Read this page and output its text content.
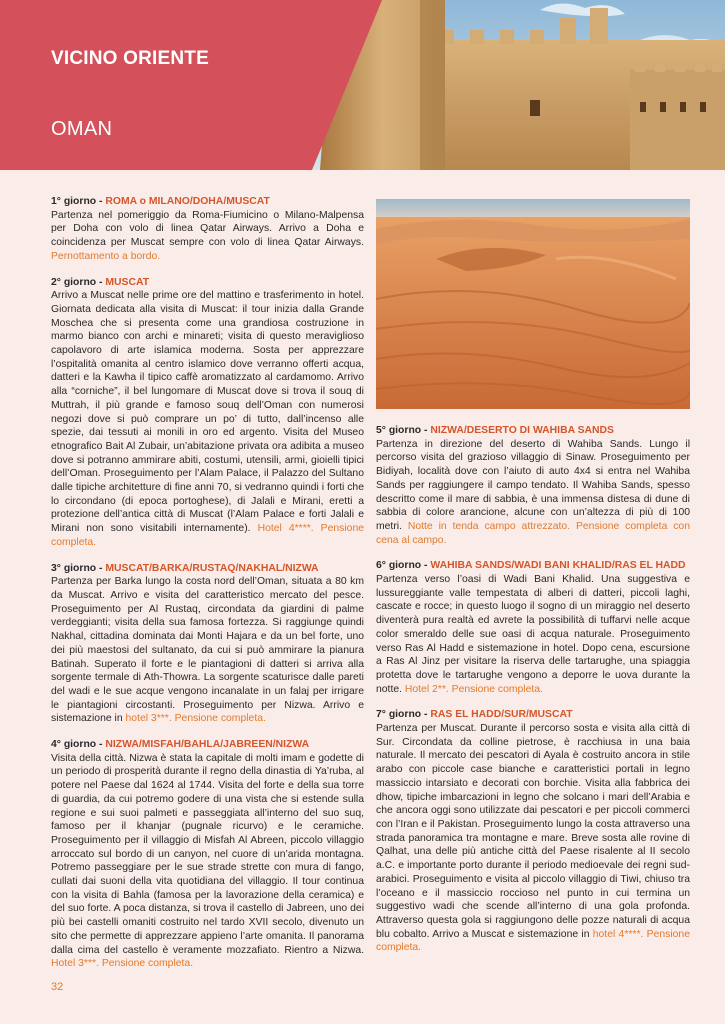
VICINO ORIENTE
OMAN

1° giorno - ROMA o MILANO/DOHA/MUSCAT
Partenza nel pomeriggio da Roma-Fiumicino o Milano-Malpensa per Doha con volo di linea Qatar Airways. Arrivo a Doha e coincidenza per Muscat sempre con volo di linea Qatar Airways. Pernottamento a bordo.

2° giorno - MUSCAT
Arrivo a Muscat nelle prime ore del mattino e trasferimento in hotel. Giornata dedicata alla visita di Muscat: il tour inizia dalla Grande Moschea che si presenta come una grandiosa costruzione in marmo bianco con archi e minareti; visita di questo meraviglioso capolavoro di arte islamica moderna. Sosta per apprezzare l’ospitalità omanita al centro islamico dove verranno offerti acqua, datteri e la Kawha il tipico caffè aromatizzato al cardamomo. Arrivo alla “corniche”, il bel lungomare di Muscat dove si trova il souq di Muttrah, il più grande e famoso souq dell’Oman con numerosi negozi dove si può comprare un po’ di tutto, dall’incenso alle spezie, dai tessuti ai monili in oro ed argento. Visita del Museo etnografico Bait Al Zubair, un’abitazione privata ora adibita a museo dove si potranno ammirare abiti, costumi, utensili, armi, gioielli tipici dell’Oman. Proseguimento per l’Alam Palace, il Palazzo del Sultano dalle tipiche architetture di fine anni 70, si vedranno quindi i forti che lo circondano (di epoca portoghese), di Jalali e Mirani, eretti a protezione dell’antica città di Muscat (l’Alam Palace e forti Jalali e Mirani non sono visitabili internamente). Hotel 4****. Pensione completa.

3° giorno - MUSCAT/BARKA/RUSTAQ/NAKHAL/NIZWA
Partenza per Barka lungo la costa nord dell’Oman, situata a 80 km da Muscat. Arrivo e visita del caratteristico mercato del pesce. Proseguimento per Al Rustaq, circondata da giardini di palme verdeggianti; visita della sua famosa fortezza. Si raggiunge quindi Nakhal, cittadina dominata dai Monti Hajara e da un bel forte, uno dei più maestosi del sultanato, da cui si può ammirare la pianura Batinah. Superato il forte e le piantagioni di datteri si arriva alla sorgente termale di Ath-Thowra. La sorgente scaturisce dalle pareti del wadi e le sue acque vengono incanalate in un falaj per irrigare le piantagioni circostanti. Proseguimento per Nizwa. Arrivo e sistemazione in hotel 3***. Pensione completa.

4° giorno - NIZWA/MISFAH/BAHLA/JABREEN/NIZWA
Visita della città. Nizwa è stata la capitale di molti imam e godette di un periodo di prosperità durante il regno della dinastia di Ya’ruba, al potere nel Paese dal 1624 al 1744. Visita del forte e della sua torre di guardia, da cui potremo godere di una vista che si estende sulla regione e sui suoi palmeti e passeggiata all’interno del suo suq, famoso per il khanjar (pugnale ricurvo) e le ceramiche. Proseguimento per il villaggio di Misfah Al Abreen, piccolo villaggio arroccato sul bordo di un canyon, nel cuore di un’arida montagna. Potremo passeggiare per le sue strade strette con mura di fango, cullati dai suoni della vita quotidiana del villaggio. Il tour continua con la visita di Bahla (famosa per la lavorazione della ceramica) e del suo forte. A poca distanza, si trova il castello di Jabreen, uno dei più bei castelli omaniti costruito nel tardo XVII secolo, divenuto un sito che permette di apprezzare appieno l’arte omanita. Il panorama dalla cima del castello è veramente mozzafiato. Rientro a Nizwa. Hotel 3***. Pensione completa.

5° giorno - NIZWA/DESERTO DI WAHIBA SANDS
Partenza in direzione del deserto di Wahiba Sands. Lungo il percorso visita del grazioso villaggio di Sinaw. Proseguimento per Bidiyah, località dove con l’aiuto di auto 4x4 si entra nel Wahiba Sands per raggiungere il campo tendato. Il Wahiba Sands, spesso descritto come il mare di sabbia, è una immensa distesa di dune di sabbia di colore arancione, alcune con un’altezza di più di 100 metri. Notte in tenda campo attrezzato. Pensione completa con cena al campo.

6° giorno - WAHIBA SANDS/WADI BANI KHALID/RAS EL HADD
Partenza verso l’oasi di Wadi Bani Khalid. Una suggestiva e lussureggiante valle tempestata di alberi di datteri, piccoli laghi, cascate e rocce; in questo luogo il sogno di un miraggio nel deserto diventerà pura realtà ed avrete la possibilità di tuffarvi nelle acque color smeraldo delle sue oasi di acqua naturale. Proseguimento verso Ras Al Hadd e sistemazione in hotel. Dopo cena, escursione a Ras Al Jinz per visitare la riserva delle tartarughe, una spiaggia protetta dove le tartarughe vengono a deporre le uova durante la notte. Hotel 2**. Pensione completa.

7° giorno - RAS EL HADD/SUR/MUSCAT
Partenza per Muscat. Durante il percorso sosta e visita alla città di Sur. Circondata da colline pietrose, è racchiusa in una baia naturale. Il mercato dei pescatori di Ayala è costruito ancora in stile arabo con piccole case bianche e caratteristici portali in legno massiccio intarsiato e decorati con borchie. Visita alla fabbrica dei dhow, tipiche imbarcazioni in legno che solcano i mari dell’Arabia e che ancora oggi sono utilizzate dai pescatori e per piccoli commerci con l’Iran e il Pakistan. Proseguimento lungo la costa attraverso una strada panoramica tra montagne e mare. Breve sosta alle rovine di Qalhat, una delle più antiche città del Paese risalente al II secolo a.C. e importante porto durante il periodo medioevale dei regni sud-arabici. Proseguimento e visita al piccolo villaggio di Tiwi, chiuso tra l’oceano e il massiccio roccioso nel punto in cui termina un suggestivo wadi che scende all’interno di una gola profonda. Attraverso questa gola si raggiungono delle pozze naturali di acqua blu cobalto. Arrivo a Muscat e sistemazione in hotel 4****. Pensione completa.

32
